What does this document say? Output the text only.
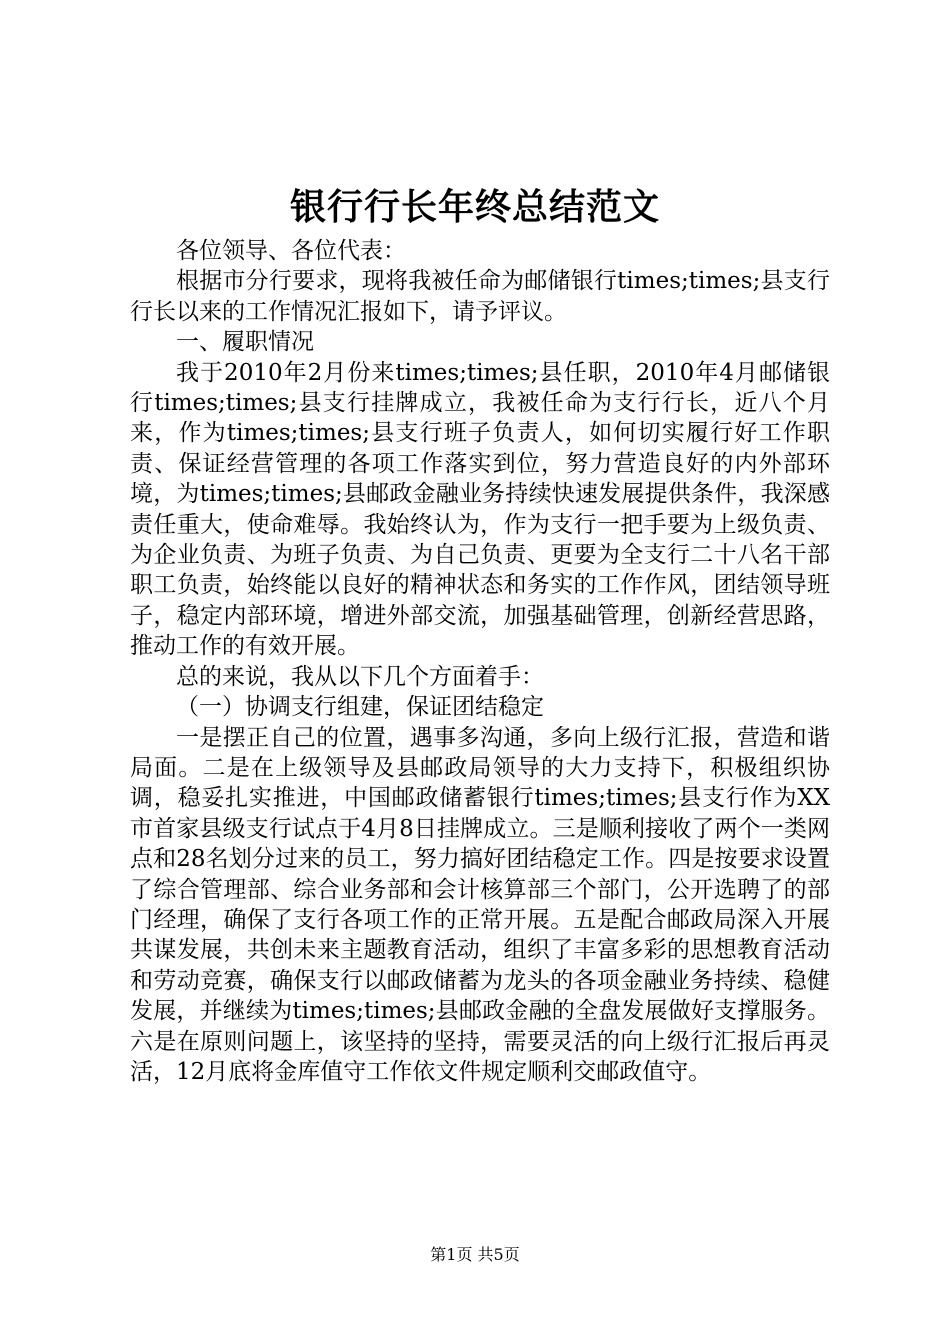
银行行长年终总结范文

各位领导、各位代表：

根据市分行要求，现将我被任命为邮储银行times;times;县支行行长以来的工作情况汇报如下，请予评议。

一、履职情况

我于2010年2月份来times;times;县任职，2010年4月邮储银行times;times;县支行挂牌成立，我被任命为支行行长，近八个月来，作为times;times;县支行班子负责人，如何切实履行好工作职责、保证经营管理的各项工作落实到位，努力营造良好的内外部环境，为times;times;县邮政金融业务持续快速发展提供条件，我深感责任重大，使命难辱。我始终认为，作为支行一把手要为上级负责、为企业负责、为班子负责、为自己负责、更要为全支行二十八名干部职工负责，始终能以良好的精神状态和务实的工作作风，团结领导班子，稳定内部环境，增进外部交流，加强基础管理，创新经营思路，推动工作的有效开展。

总的来说，我从以下几个方面着手：

（一）协调支行组建，保证团结稳定

一是摆正自己的位置，遇事多沟通，多向上级行汇报，营造和谐局面。二是在上级领导及县邮政局领导的大力支持下，积极组织协调，稳妥扎实推进，中国邮政储蓄银行times;times;县支行作为XX市首家县级支行试点于4月8日挂牌成立。三是顺利接收了两个一类网点和28名划分过来的员工，努力搞好团结稳定工作。四是按要求设置了综合管理部、综合业务部和会计核算部三个部门，公开选聘了的部门经理，确保了支行各项工作的正常开展。五是配合邮政局深入开展共谋发展，共创未来主题教育活动，组织了丰富多彩的思想教育活动和劳动竞赛，确保支行以邮政储蓄为龙头的各项金融业务持续、稳健发展，并继续为times;times;县邮政金融的全盘发展做好支撑服务。六是在原则问题上，该坚持的坚持，需要灵活的向上级行汇报后再灵活，12月底将金库值守工作依文件规定顺利交邮政值守。

第1页 共5页
